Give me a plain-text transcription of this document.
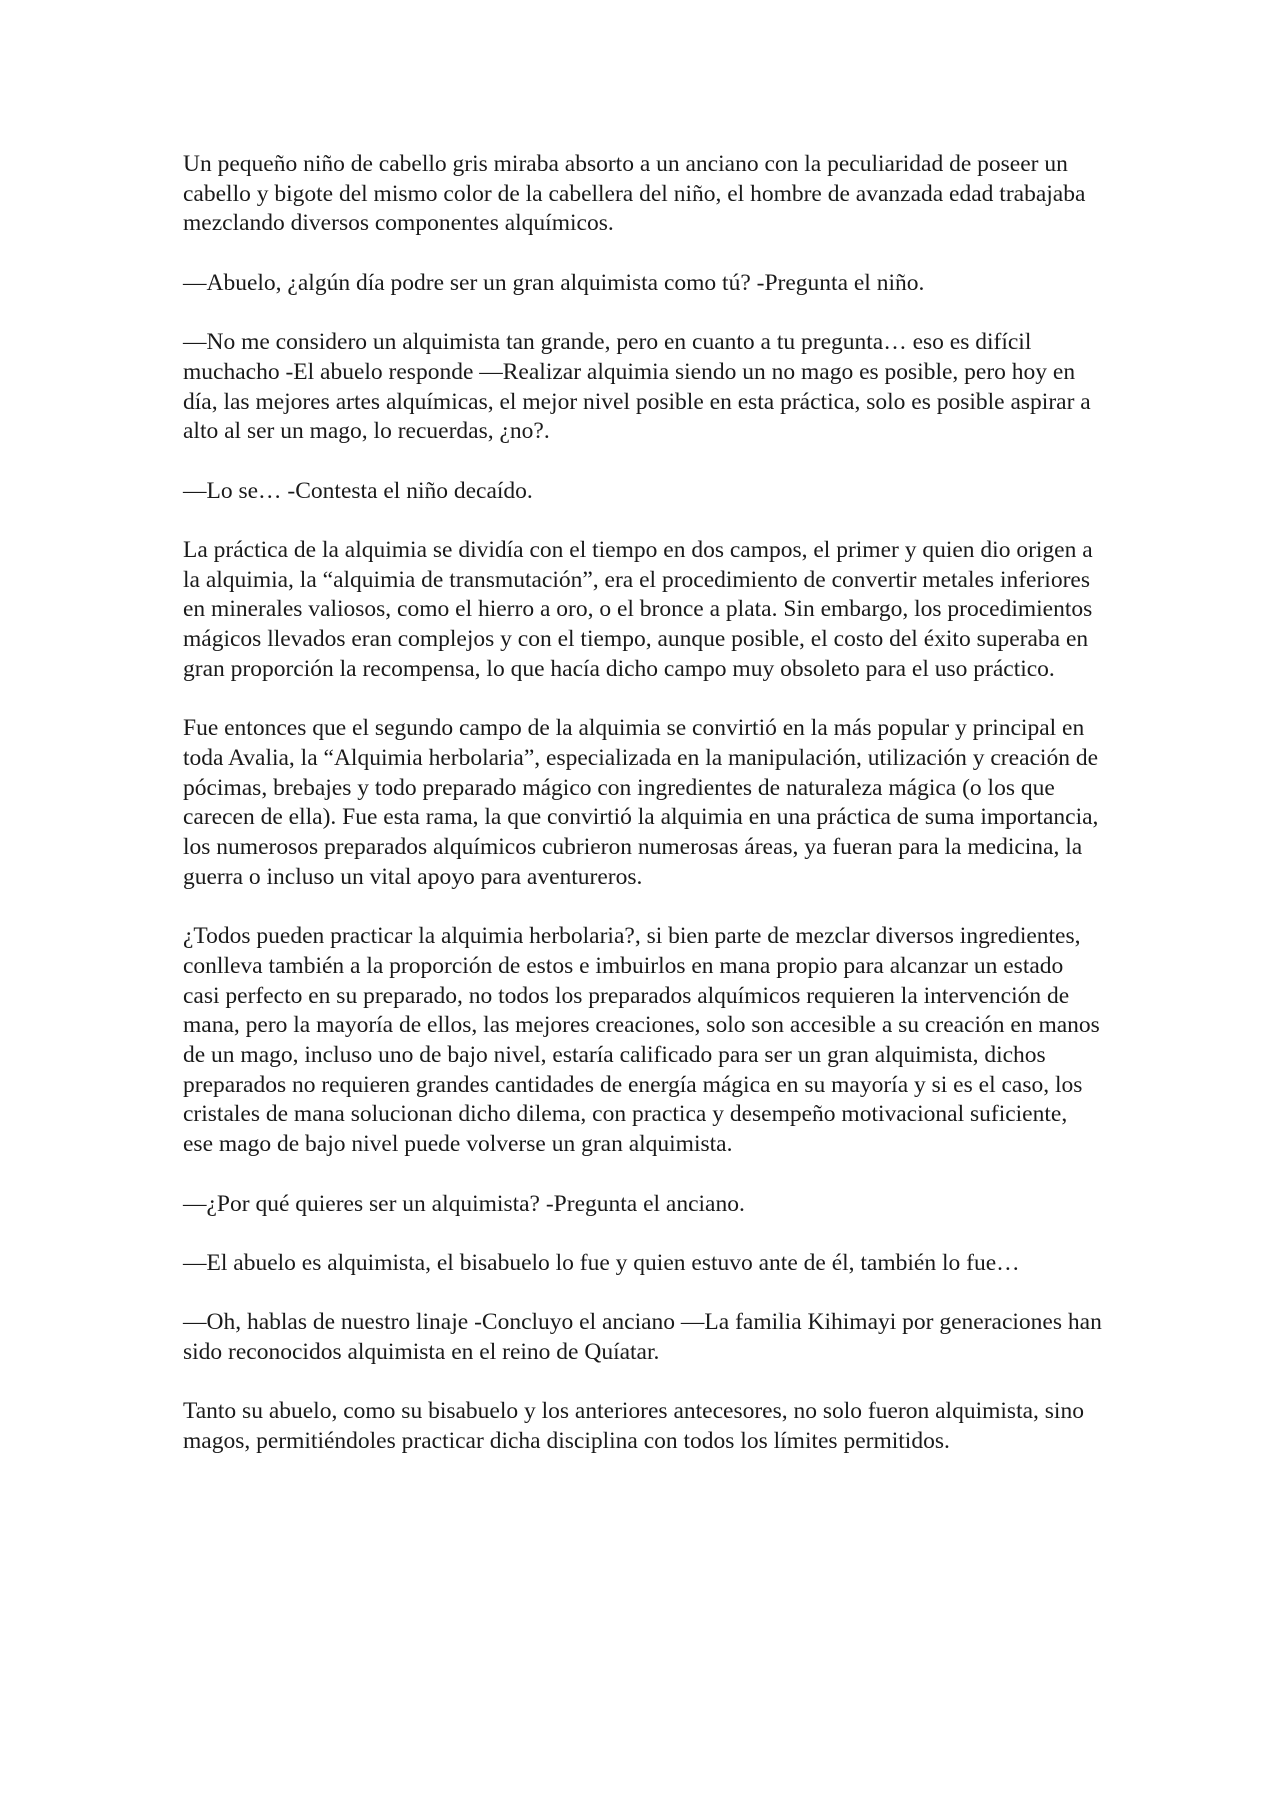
Un pequeño niño de cabello gris miraba absorto a un anciano con la peculiaridad de poseer un cabello y bigote del mismo color de la cabellera del niño, el hombre de avanzada edad trabajaba mezclando diversos componentes alquímicos.

—Abuelo, ¿algún día podre ser un gran alquimista como tú? -Pregunta el niño.

—No me considero un alquimista tan grande, pero en cuanto a tu pregunta… eso es difícil muchacho -El abuelo responde —Realizar alquimia siendo un no mago es posible, pero hoy en día, las mejores artes alquímicas, el mejor nivel posible en esta práctica, solo es posible aspirar a alto al ser un mago, lo recuerdas, ¿no?.

—Lo se… -Contesta el niño decaído.

La práctica de la alquimia se dividía con el tiempo en dos campos, el primer y quien dio origen a la alquimia, la “alquimia de transmutación”, era el procedimiento de convertir metales inferiores en minerales valiosos, como el hierro a oro, o el bronce a plata. Sin embargo, los procedimientos mágicos llevados eran complejos y con el tiempo, aunque posible, el costo del éxito superaba en gran proporción la recompensa, lo que hacía dicho campo muy obsoleto para el uso práctico.

Fue entonces que el segundo campo de la alquimia se convirtió en la más popular y principal en toda Avalia, la “Alquimia herbolaria”, especializada en la manipulación, utilización y creación de pócimas, brebajes y todo preparado mágico con ingredientes de naturaleza mágica (o los que carecen de ella). Fue esta rama, la que convirtió la alquimia en una práctica de suma importancia, los numerosos preparados alquímicos cubrieron numerosas áreas, ya fueran para la medicina, la guerra o incluso un vital apoyo para aventureros.

¿Todos pueden practicar la alquimia herbolaria?, si bien parte de mezclar diversos ingredientes, conlleva también a la proporción de estos e imbuirlos en mana propio para alcanzar un estado casi perfecto en su preparado, no todos los preparados alquímicos requieren la intervención de mana, pero la mayoría de ellos, las mejores creaciones, solo son accesible a su creación en manos de un mago, incluso uno de bajo nivel, estaría calificado para ser un gran alquimista, dichos preparados no requieren grandes cantidades de energía mágica en su mayoría y si es el caso, los cristales de mana solucionan dicho dilema, con practica y desempeño motivacional suficiente, ese mago de bajo nivel puede volverse un gran alquimista.

—¿Por qué quieres ser un alquimista? -Pregunta el anciano.

—El abuelo es alquimista, el bisabuelo lo fue y quien estuvo ante de él, también lo fue…

—Oh, hablas de nuestro linaje -Concluyo el anciano —La familia Kihimayi por generaciones han sido reconocidos alquimista en el reino de Quíatar.

Tanto su abuelo, como su bisabuelo y los anteriores antecesores, no solo fueron alquimista, sino magos, permitiéndoles practicar dicha disciplina con todos los límites permitidos.
